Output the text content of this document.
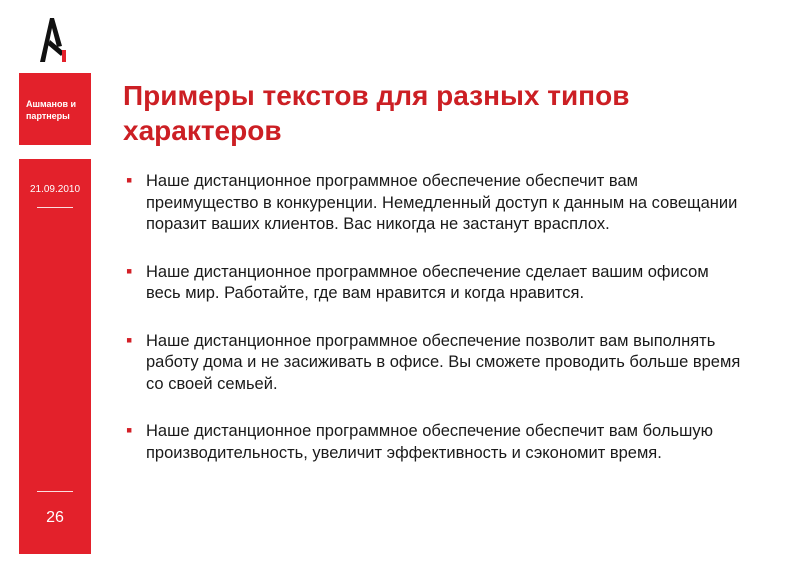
Ашманов и партнеры
21.09.2010
26
Примеры текстов для разных типов характеров
▪ Наше дистанционное программное обеспечение обеспечит вам преимущество в конкуренции. Немедленный доступ к данным на совещании поразит ваших клиентов. Вас никогда не застанут врасплох.
▪ Наше дистанционное программное обеспечение сделает вашим офисом весь мир. Работайте, где вам нравится и когда нравится.
▪ Наше дистанционное программное обеспечение позволит вам выполнять работу дома и не засиживать в офисе. Вы сможете проводить больше время со своей семьей.
▪ Наше дистанционное программное обеспечение обеспечит вам большую производительность, увеличит эффективность и сэкономит время.
